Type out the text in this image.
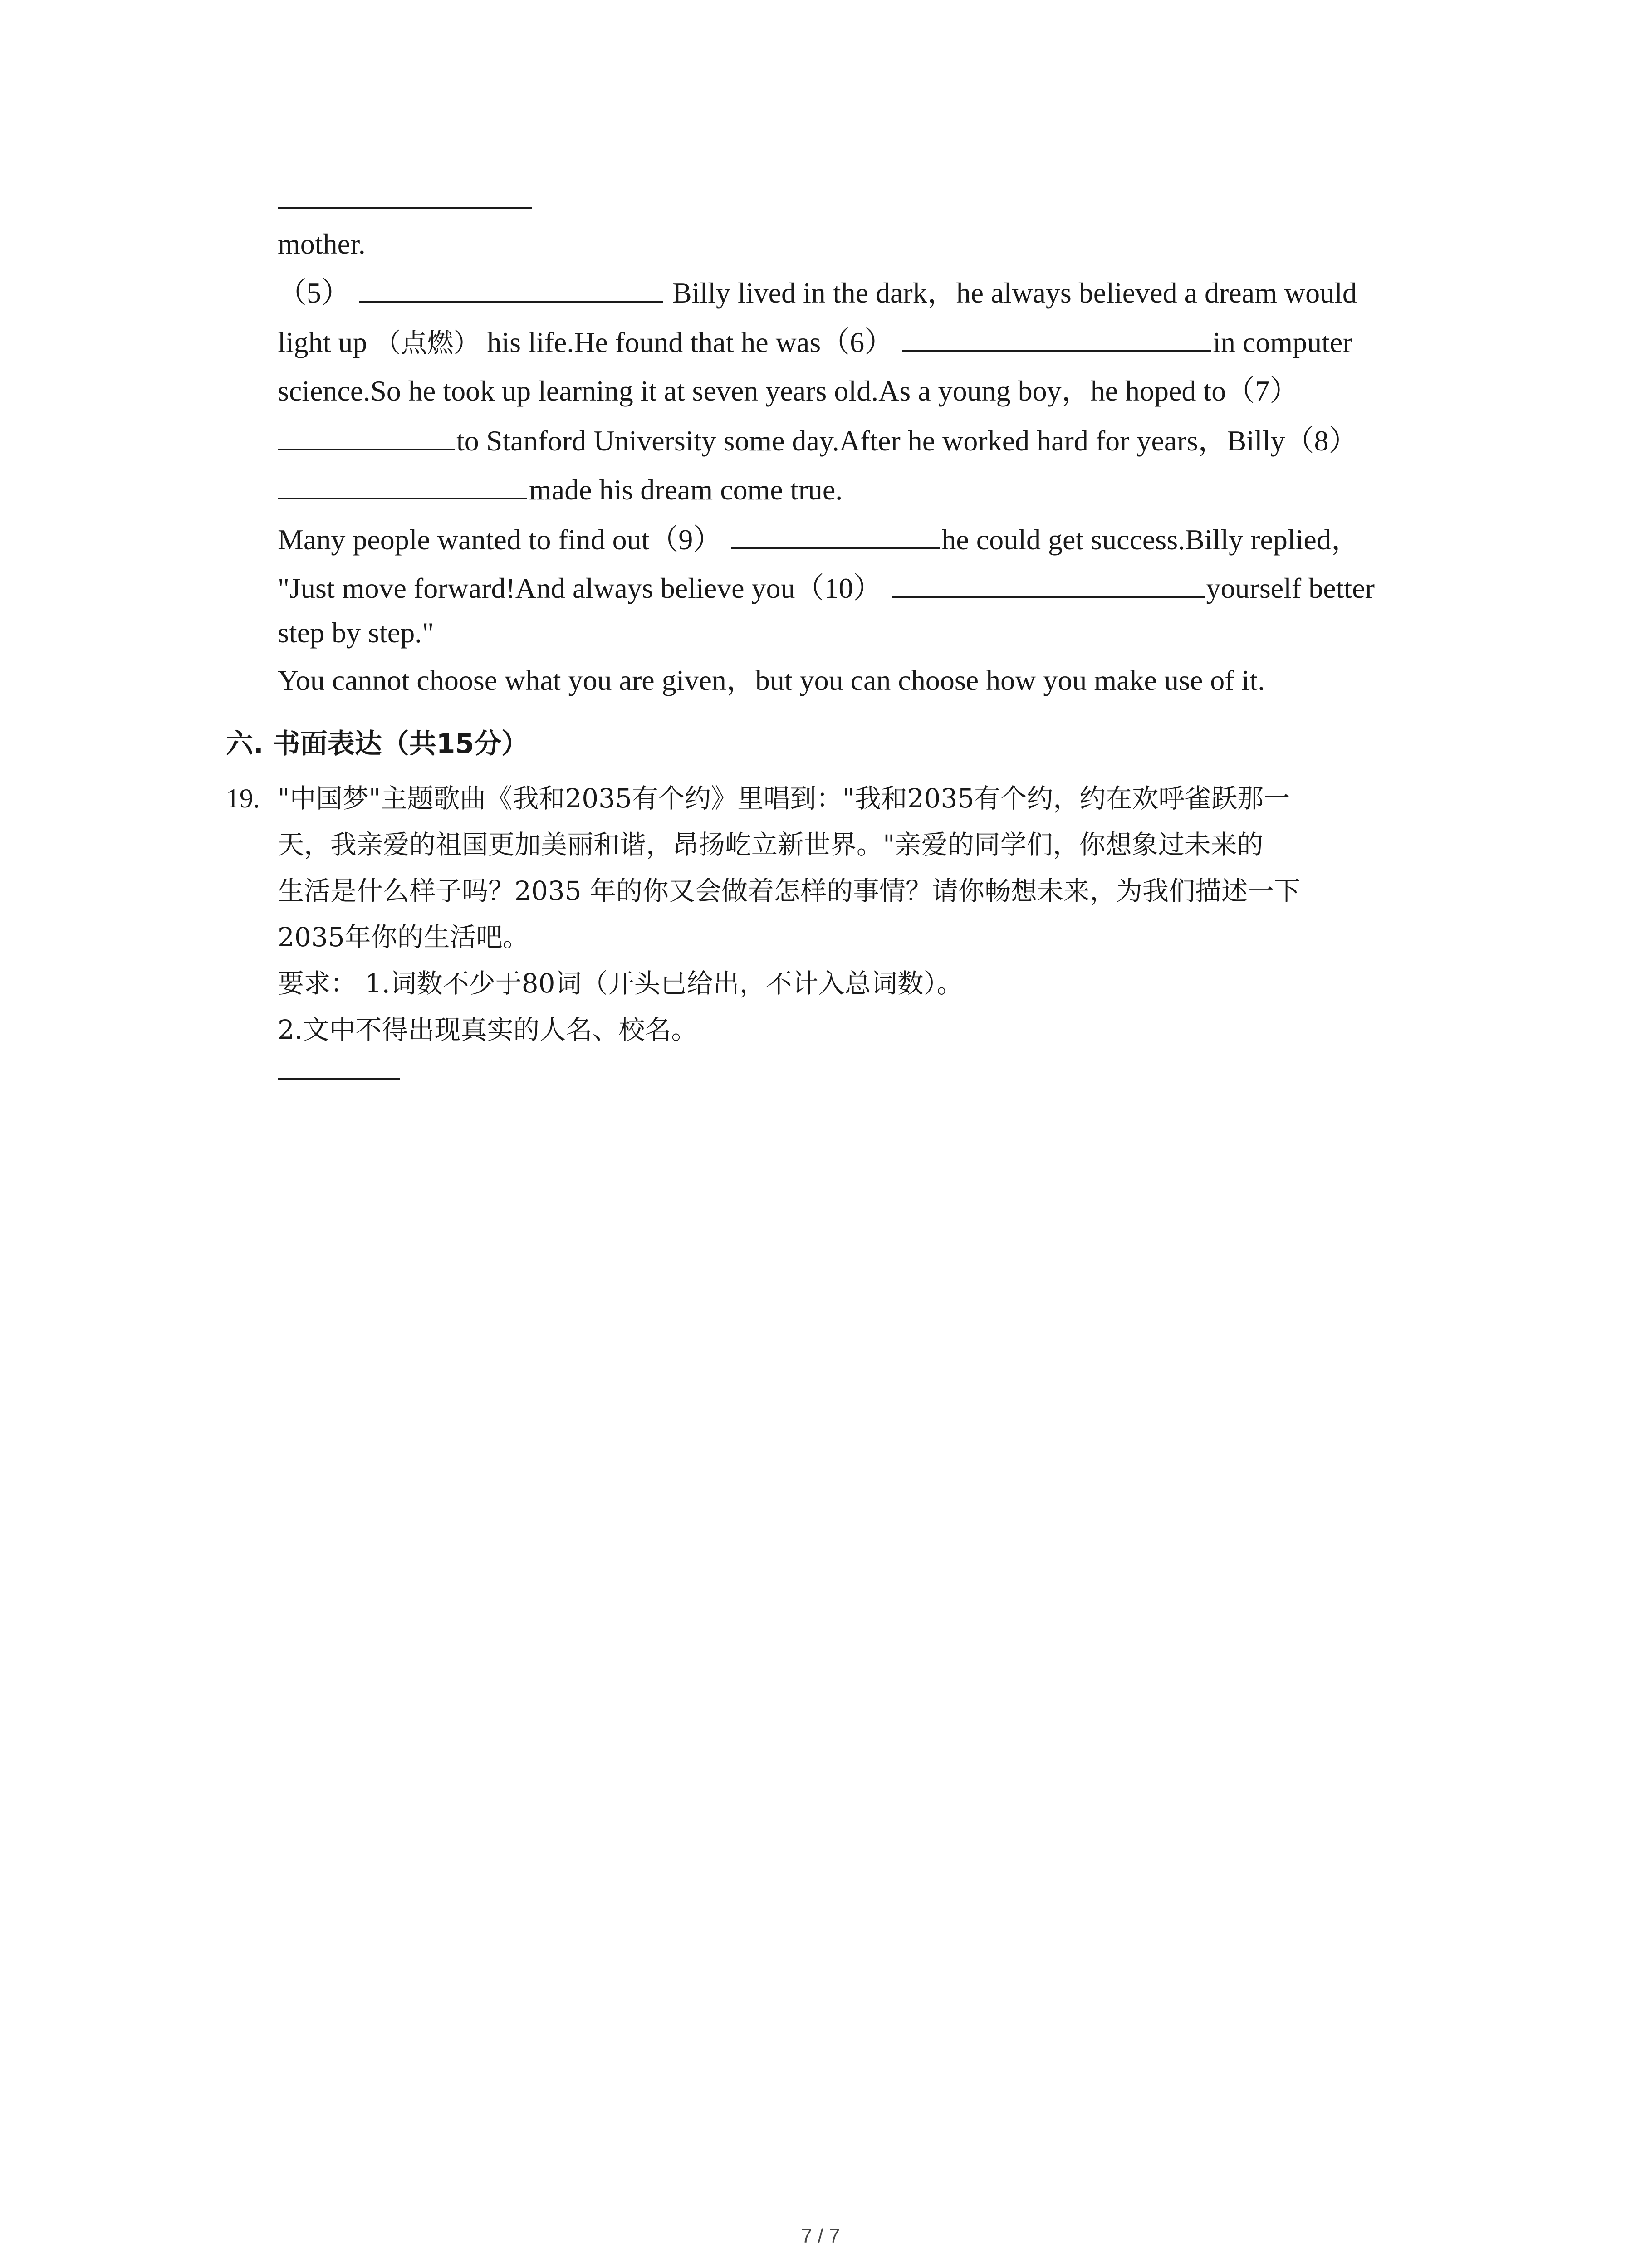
mother.
（5）	Billy lived in the dark，he always believed a dream would
light up （点燃） his life.He found that he was（6）	in computer
science.So he took up learning it at seven years old.As a young boy，he hoped to（7）
to Stanford University some day.After he worked hard for years，Billy（8）
made his dream come true.
Many people wanted to find out（9）	he could get success.Billy replied，
"Just move forward!And always believe you（10）	yourself better
step by step."
You cannot choose what you are given，but you can choose how you make use of it.
六. 书面表达（共15分）
19. "中国梦"主题歌曲《我和2035有个约》里唱到："我和2035有个约，约在欢呼雀跃那一
天，我亲爱的祖国更加美丽和谐，昂扬屹立新世界。"亲爱的同学们，你想象过未来的
生活是什么样子吗？2035 年的你又会做着怎样的事情？请你畅想未来，为我们描述一下
2035年你的生活吧。
要求： 1.词数不少于80词（开头已给出，不计入总词数）。
2.文中不得出现真实的人名、校名。
7 / 7
